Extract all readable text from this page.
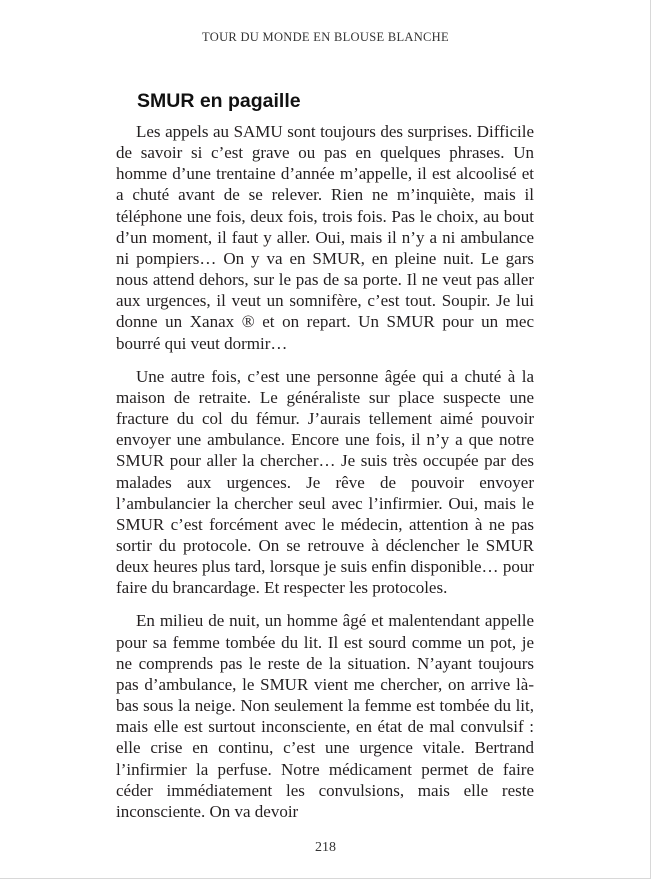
TOUR DU MONDE EN BLOUSE BLANCHE
SMUR en pagaille

Les appels au SAMU sont toujours des surprises. Difficile de savoir si c’est grave ou pas en quelques phrases. Un homme d’une trentaine d’année m’appelle, il est alcoolisé et a chuté avant de se relever. Rien ne m’inquiète, mais il téléphone une fois, deux fois, trois fois. Pas le choix, au bout d’un moment, il faut y aller. Oui, mais il n’y a ni ambulance ni pompiers… On y va en SMUR, en pleine nuit. Le gars nous attend dehors, sur le pas de sa porte. Il ne veut pas aller aux urgences, il veut un somnifère, c’est tout. Soupir. Je lui donne un Xanax ® et on repart. Un SMUR pour un mec bourré qui veut dormir…

Une autre fois, c’est une personne âgée qui a chuté à la maison de retraite. Le généraliste sur place suspecte une fracture du col du fémur. J’aurais tellement aimé pouvoir envoyer une ambulance. Encore une fois, il n’y a que notre SMUR pour aller la chercher… Je suis très occupée par des malades aux urgences. Je rêve de pouvoir envoyer l’ambulancier la chercher seul avec l’infirmier. Oui, mais le SMUR c’est forcément avec le médecin, attention à ne pas sortir du protocole. On se retrouve à déclencher le SMUR deux heures plus tard, lorsque je suis enfin disponible… pour faire du brancardage. Et respecter les protocoles.

En milieu de nuit, un homme âgé et malentendant appelle pour sa femme tombée du lit. Il est sourd comme un pot, je ne comprends pas le reste de la situation. N’ayant toujours pas d’ambulance, le SMUR vient me chercher, on arrive là-bas sous la neige. Non seulement la femme est tombée du lit, mais elle est surtout inconsciente, en état de mal convulsif : elle crise en continu, c’est une urgence vitale. Bertrand l’infirmier la perfuse. Notre médicament permet de faire céder immédiatement les convulsions, mais elle reste inconsciente. On va devoir

218
